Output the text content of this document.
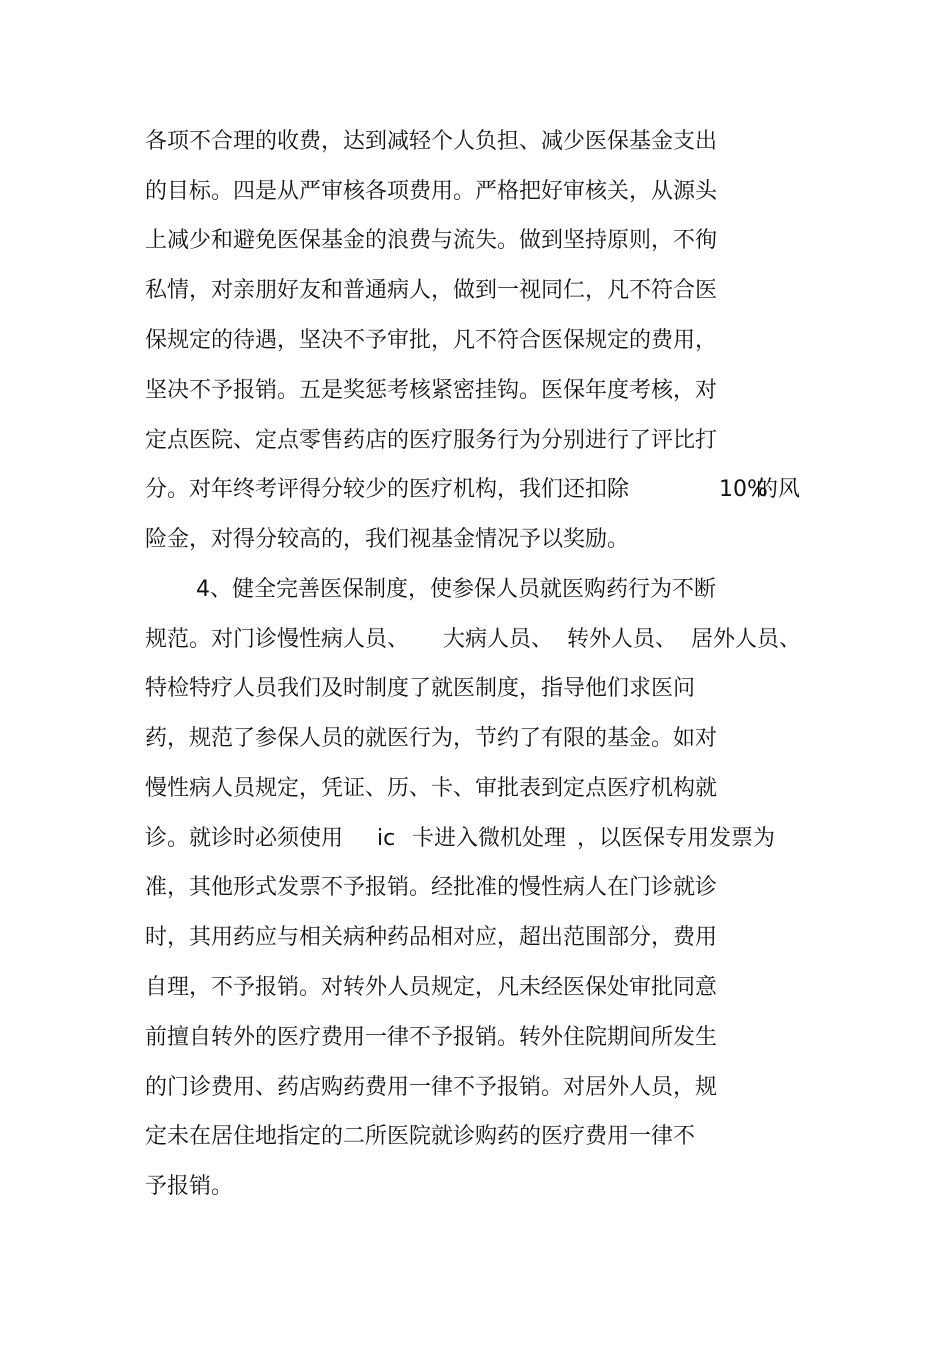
各项不合理的收费，达到减轻个人负担、减少医保基金支出
的目标。四是从严审核各项费用。严格把好审核关，从源头
上减少和避免医保基金的浪费与流失。做到坚持原则，不徇
私情，对亲朋好友和普通病人，做到一视同仁，凡不符合医
保规定的待遇，坚决不予审批，凡不符合医保规定的费用，
坚决不予报销。五是奖惩考核紧密挂钩。医保年度考核，对
定点医院、定点零售药店的医疗服务行为分别进行了评比打
分。对年终考评得分较少的医疗机构，我们还扣除	10%
的风
险金，对得分较高的，我们视基金情况予以奖励。
4、健全完善医保制度，使参保人员就医购药行为不断
规范。对门诊慢性病人员、 大病人员、 转外人员、 居外人员、
特检特疗人员我们及时制度了就医制度，指导他们求医问
药，规范了参保人员的就医行为，节约了有限的基金。如对
慢性病人员规定，凭证、历、卡、审批表到定点医疗机构就
诊。就诊时必须使用 ic 卡进入微机处理 ，以医保专用发票为
准，其他形式发票不予报销。经批准的慢性病人在门诊就诊
时，其用药应与相关病种药品相对应，超出范围部分，费用
自理，不予报销。对转外人员规定，凡未经医保处审批同意
前擅自转外的医疗费用一律不予报销。转外住院期间所发生
的门诊费用、药店购药费用一律不予报销。对居外人员，规
定未在居住地指定的二所医院就诊购药的医疗费用一律不
予报销。
